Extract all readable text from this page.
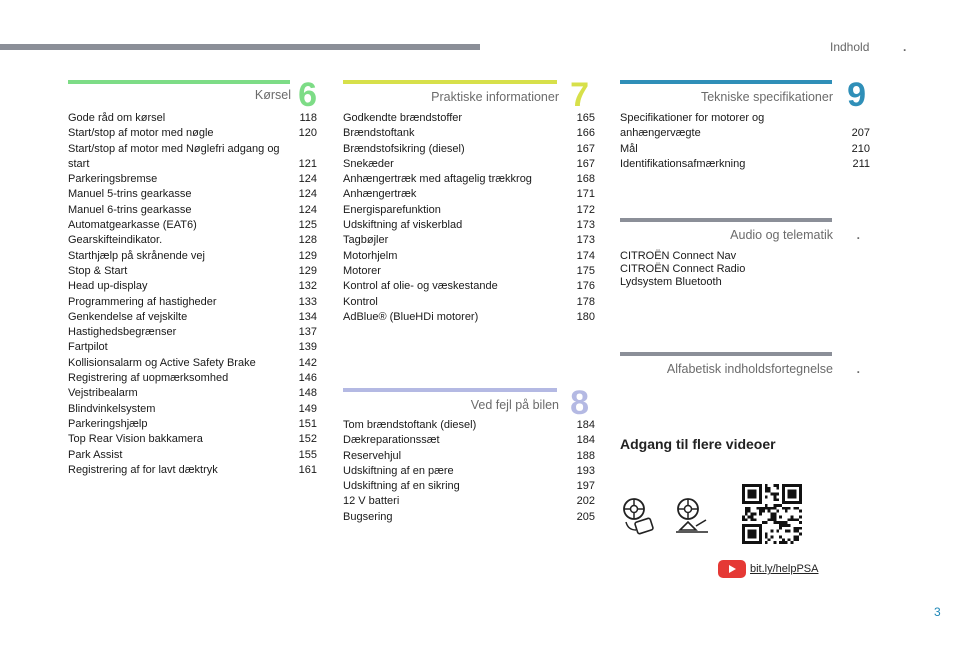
Indhold	.
Kørsel 6
Gode råd om kørsel	118
Start/stop af motor med nøgle	120
Start/stop af motor med Nøglefri adgang og start	121
Parkeringsbremse	124
Manuel 5-trins gearkasse	124
Manuel 6-trins gearkasse	124
Automatgearkasse (EAT6)	125
Gearskifteindikator.	128
Starthjælp på skrånende vej	129
Stop & Start	129
Head up-display	132
Programmering af hastigheder	133
Genkendelse af vejskilte	134
Hastighedsbegrænser	137
Fartpilot	139
Kollisionsalarm og Active Safety Brake	142
Registrering af uopmærksomhed	146
Vejstribealarm	148
Blindvinkelsystem	149
Parkeringshjælp	151
Top Rear Vision bakkamera	152
Park Assist	155
Registrering af for lavt dæktryk	161
Praktiske informationer 7
Godkendte brændstoffer	165
Brændstoftank	166
Brændstofsikring (diesel)	167
Snekæder	167
Anhængertræk med aftagelig trækkrog	168
Anhængertræk	171
Energisparefunktion	172
Udskiftning af viskerblad	173
Tagbøjler	173
Motorhjelm	174
Motorer	175
Kontrol af olie- og væskestande	176
Kontrol	178
AdBlue® (BlueHDi motorer)	180
Ved fejl på bilen 8
Tom brændstoftank (diesel)	184
Dækreparationssæt	184
Reservehjul	188
Udskiftning af en pære	193
Udskiftning af en sikring	197
12 V batteri	202
Bugsering	205
Tekniske specifikationer 9
Specifikationer for motorer og anhængervægte	207
Mål	210
Identifikationsafmærkning	211
Audio og telematik .
CITROËN Connect Nav
CITROËN Connect Radio
Lydsystem Bluetooth
Alfabetisk indholdsfortegnelse .
Adgang til flere videoer
bit.ly/helpPSA
3
